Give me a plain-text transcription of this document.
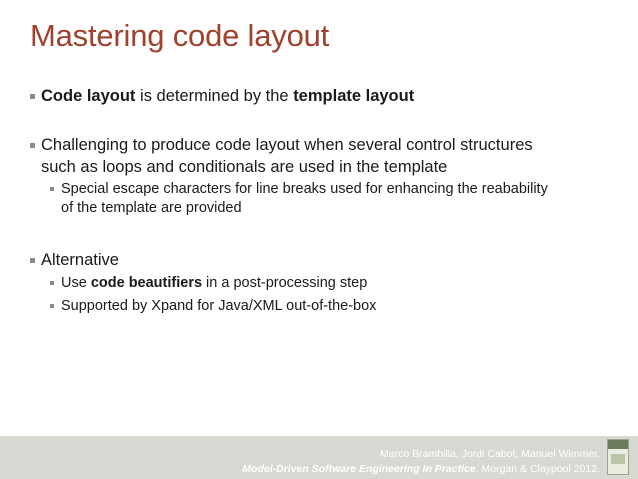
Mastering code layout
Code layout is determined by the template layout
Challenging to produce code layout when several control structures
such as loops and conditionals are used in the template
Special escape characters for line breaks used for enhancing the reabability
of the template are provided
Alternative
Use code beautifiers in a post-processing step
Supported by Xpand for Java/XML out-of-the-box
Marco Brambilla, Jordi Cabot, Manuel Wimmer.
Model-Driven Software Engineering In Practice. Morgan & Claypool 2012.
